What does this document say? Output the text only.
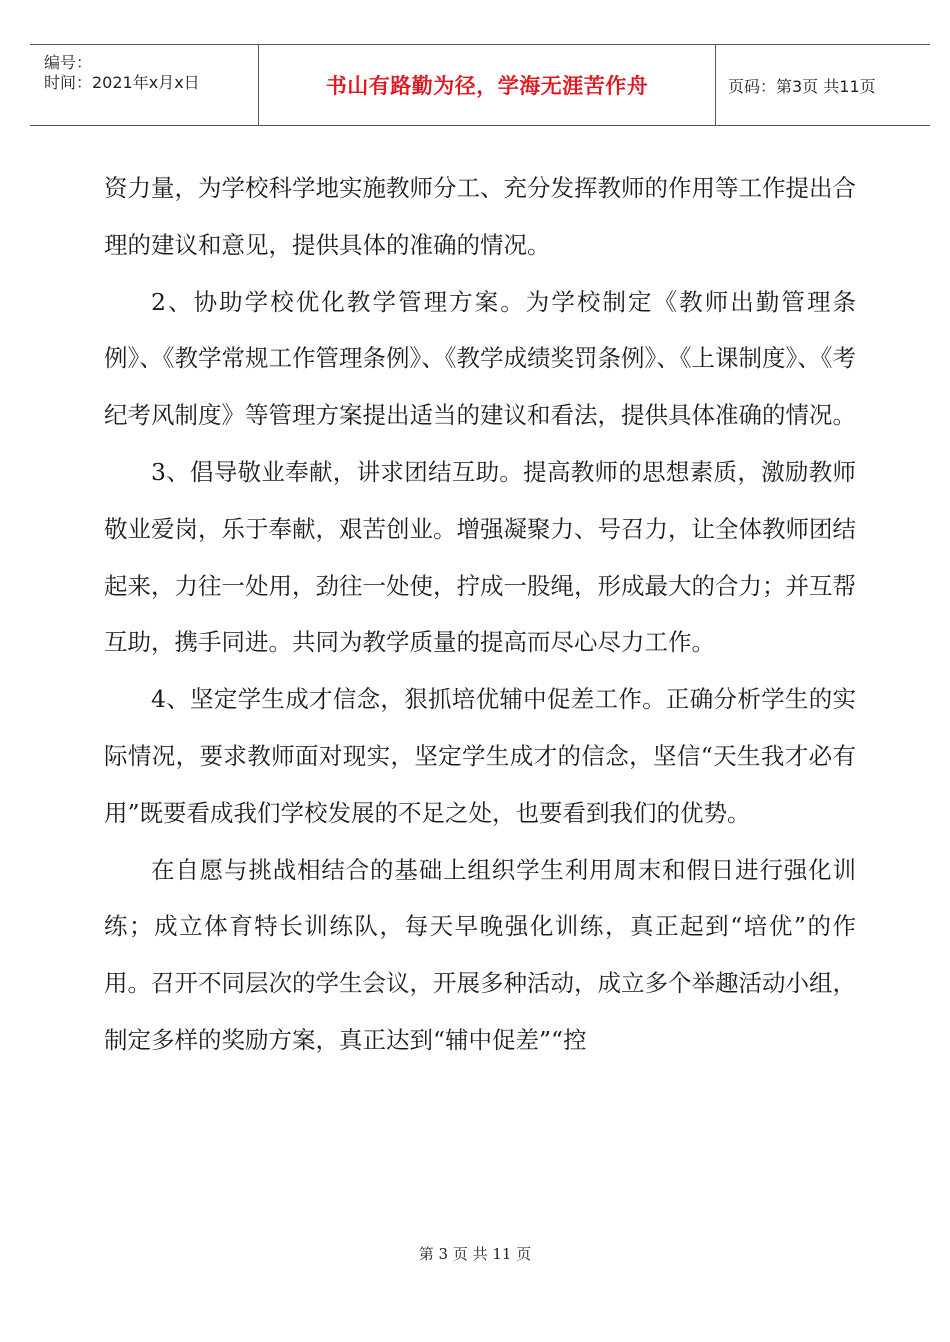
编号：
时间：2021年x月x日	书山有路勤为径，学海无涯苦作舟	页码：第3页 共11页

资力量，为学校科学地实施教师分工、充分发挥教师的作用等工作提出合理的建议和意见，提供具体的准确的情况。

2、协助学校优化教学管理方案。为学校制定《教师出勤管理条例》、《教学常规工作管理条例》、《教学成绩奖罚条例》、《上课制度》、《考纪考风制度》等管理方案提出适当的建议和看法，提供具体准确的情况。

3、倡导敬业奉献，讲求团结互助。提高教师的思想素质，激励教师敬业爱岗，乐于奉献，艰苦创业。增强凝聚力、号召力，让全体教师团结起来，力往一处用，劲往一处使，拧成一股绳，形成最大的合力；并互帮互助，携手同进。共同为教学质量的提高而尽心尽力工作。

4、坚定学生成才信念，狠抓培优辅中促差工作。正确分析学生的实际情况，要求教师面对现实，坚定学生成才的信念，坚信“天生我才必有用”既要看成我们学校发展的不足之处，也要看到我们的优势。

在自愿与挑战相结合的基础上组织学生利用周末和假日进行强化训练；成立体育特长训练队，每天早晚强化训练，真正起到“培优”的作用。召开不同层次的学生会议，开展多种活动，成立多个举趣活动小组，制定多样的奖励方案，真正达到“辅中促差”“控

第 3 页 共 11 页
